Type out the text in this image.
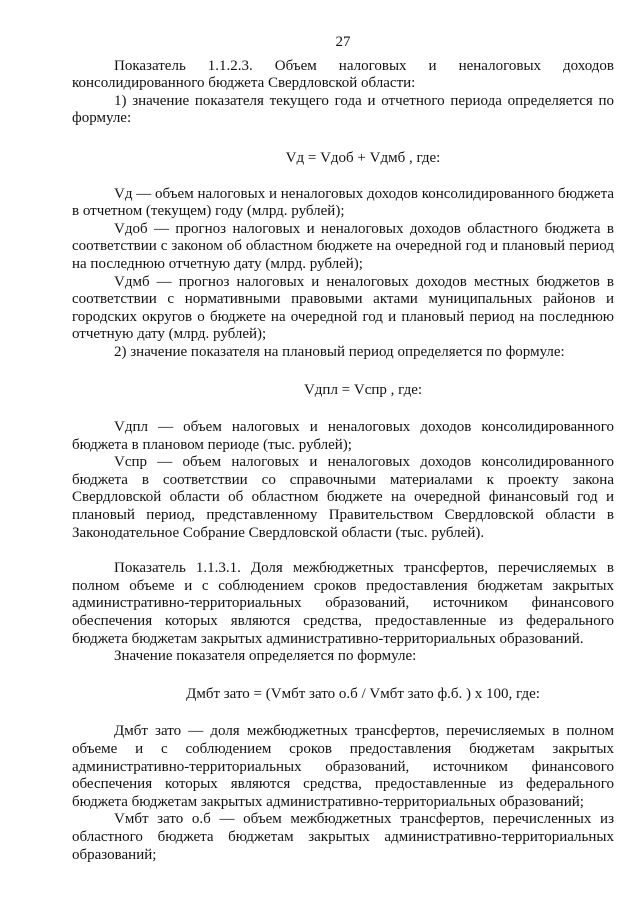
27

Показатель 1.1.2.3. Объем налоговых и неналоговых доходов консолидированного бюджета Свердловской области:

1) значение показателя текущего года и отчетного периода определяется по формуле:

Vд = Vдоб + Vдмб , где:

Vд — объем налоговых и неналоговых доходов консолидированного бюджета в отчетном (текущем) году (млрд. рублей);

Vдоб — прогноз налоговых и неналоговых доходов областного бюджета в соответствии с законом об областном бюджете на очередной год и плановый период на последнюю отчетную дату (млрд. рублей);

Vдмб — прогноз налоговых и неналоговых доходов местных бюджетов в соответствии с нормативными правовыми актами муниципальных районов и городских округов о бюджете на очередной год и плановый период на последнюю отчетную дату (млрд. рублей);

2) значение показателя на плановый период определяется по формуле:

Vдпл = Vспр , где:

Vдпл — объем налоговых и неналоговых доходов консолидированного бюджета в плановом периоде (тыс. рублей);

Vспр — объем налоговых и неналоговых доходов консолидированного бюджета в соответствии со справочными материалами к проекту закона Свердловской области об областном бюджете на очередной финансовый год и плановый период, представленному Правительством Свердловской области в Законодательное Собрание Свердловской области (тыс. рублей).

Показатель 1.1.3.1. Доля межбюджетных трансфертов, перечисляемых в полном объеме и с соблюдением сроков предоставления бюджетам закрытых административно-территориальных образований, источником финансового обеспечения которых являются средства, предоставленные из федерального бюджета бюджетам закрытых административно-территориальных образований.

Значение показателя определяется по формуле:

Дмбт зато = (Vмбт зато о.б / Vмбт зато ф.б. ) x 100, где:

Дмбт зато — доля межбюджетных трансфертов, перечисляемых в полном объеме и с соблюдением сроков предоставления бюджетам закрытых административно-территориальных образований, источником финансового обеспечения которых являются средства, предоставленные из федерального бюджета бюджетам закрытых административно-территориальных образований;

Vмбт зато о.б — объем межбюджетных трансфертов, перечисленных из областного бюджета бюджетам закрытых административно-территориальных образований;
